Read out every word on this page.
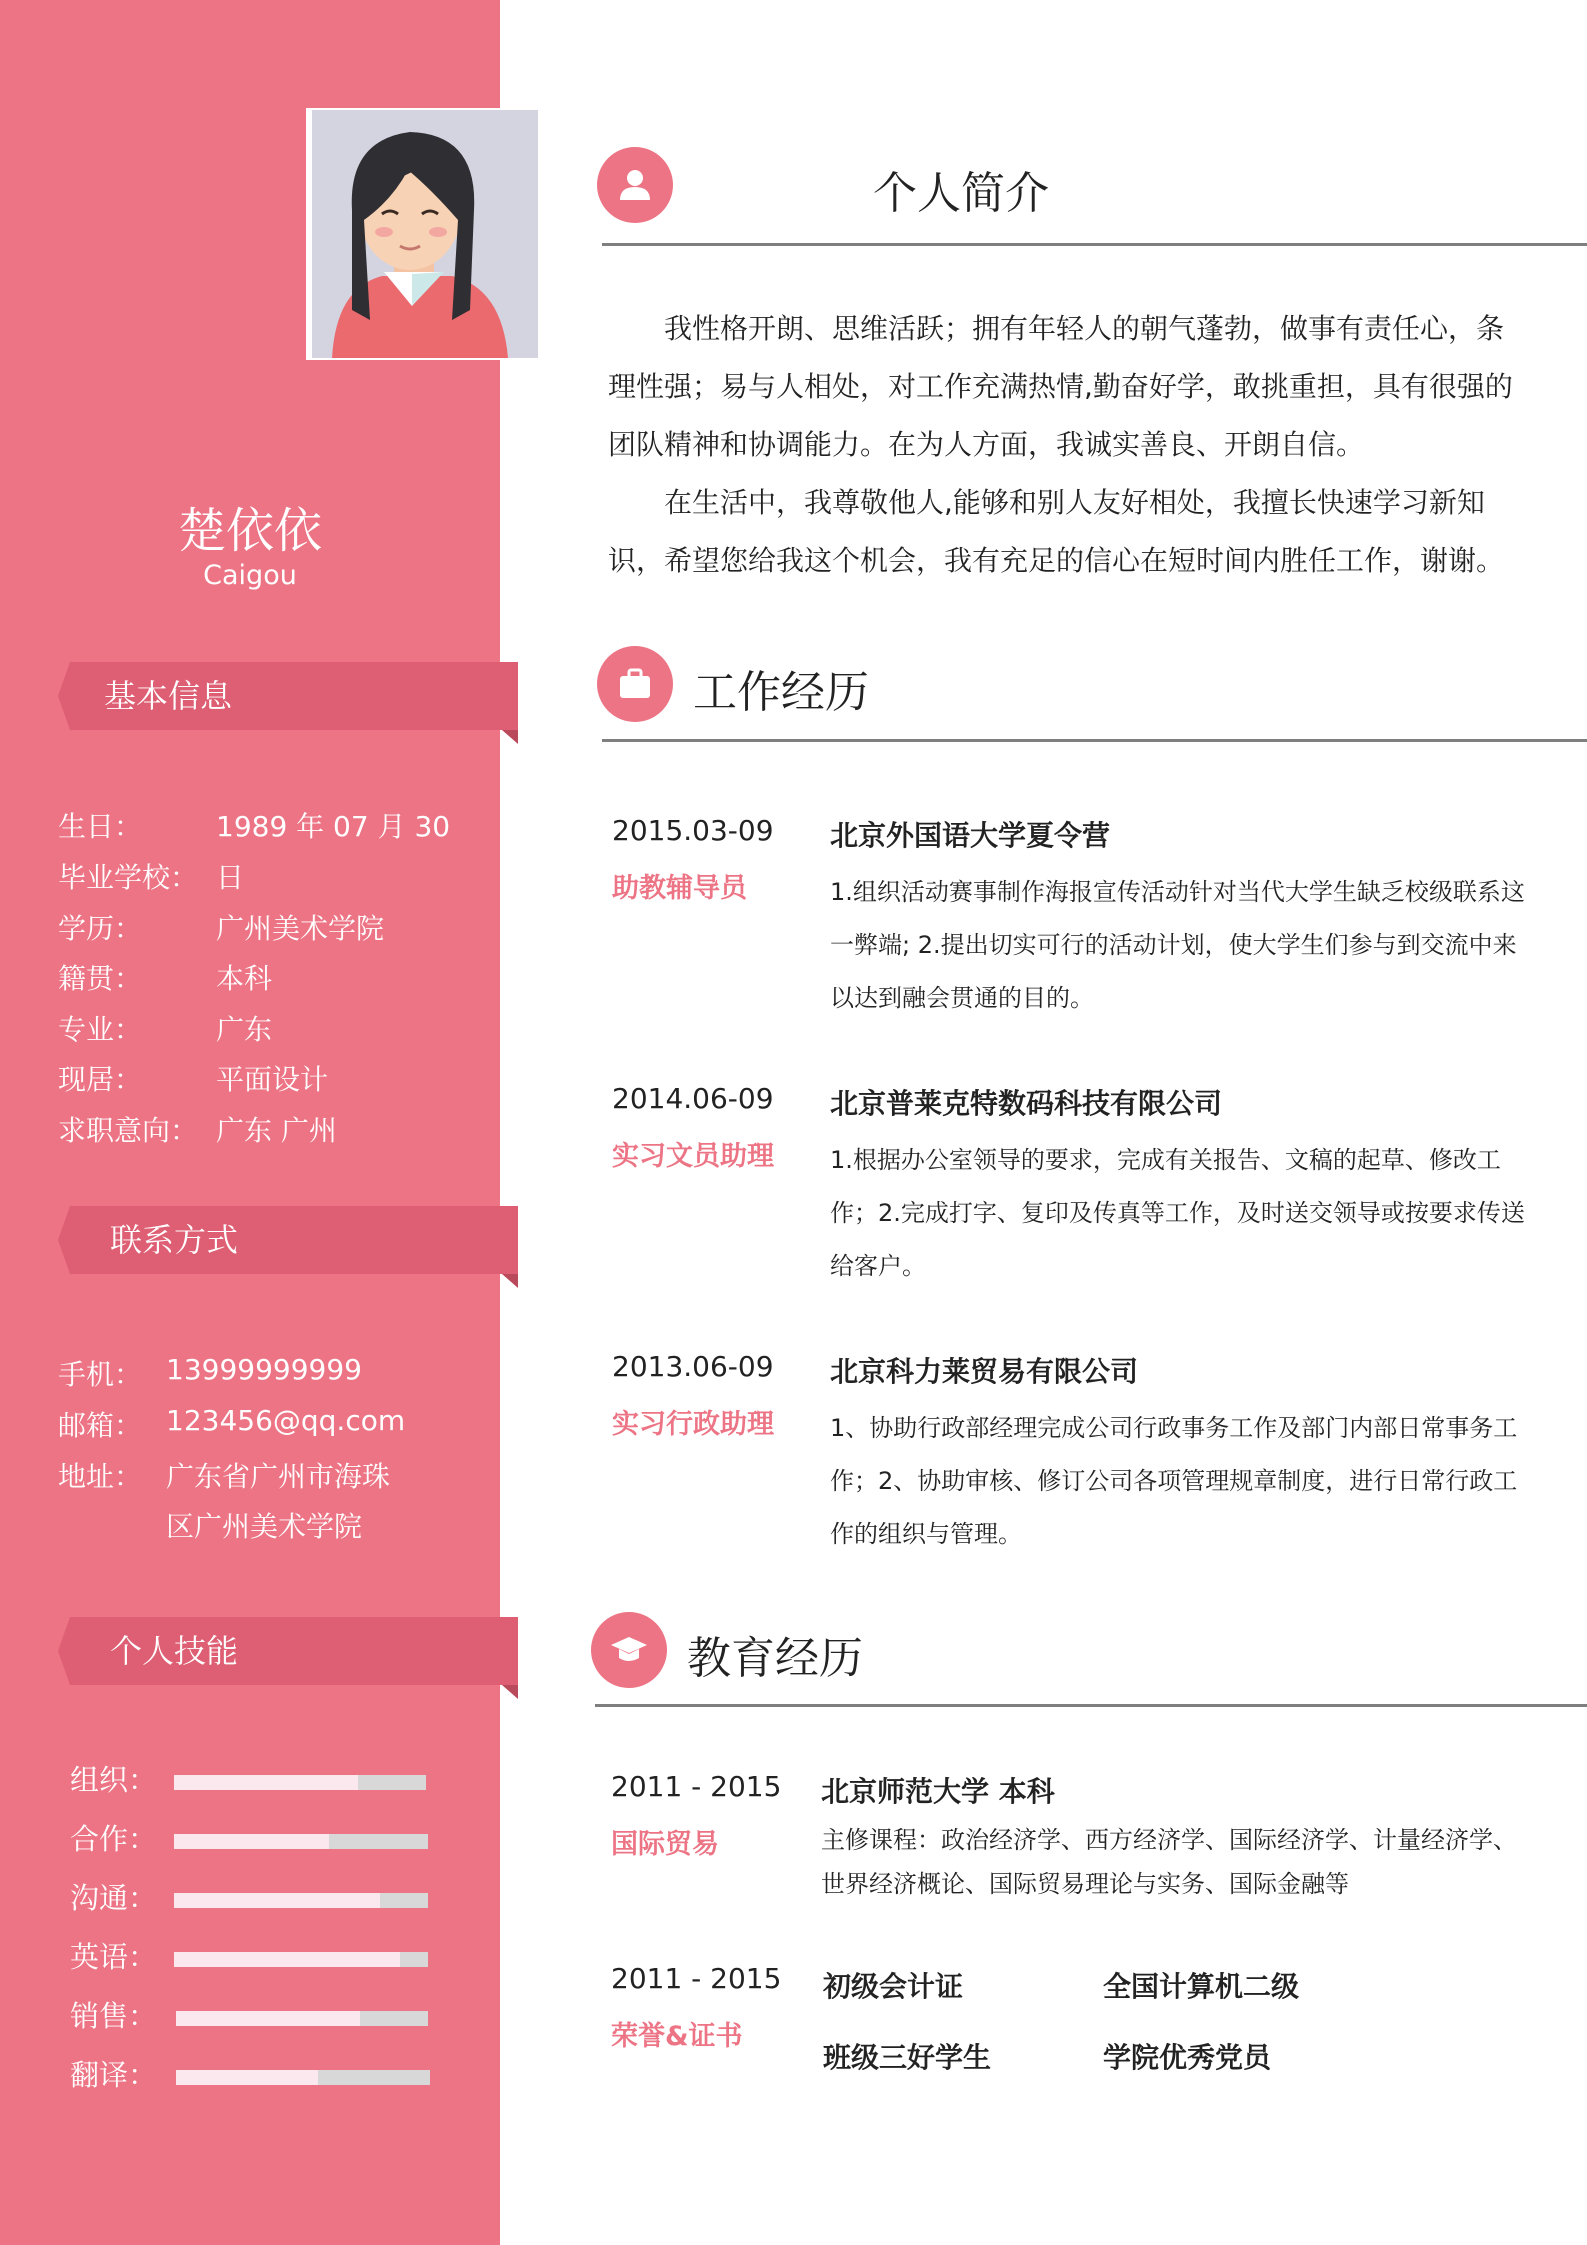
楚依依
Caigou
基本信息
生日：	1989 年 07 月 30
毕业学校： 日
学历：	广州美术学院
籍贯：	本科
专业：	广东
现居：	平面设计
求职意向： 广东 广州
联系方式
手机： 13999999999
邮箱： 123456@qq.com
地址： 广东省广州市海珠
区广州美术学院
个人技能
组织：
合作：
沟通：
英语：
销售：
翻译：
个人简介

我性格开朗、思维活跃；拥有年轻人的朝气蓬勃，做事有责任心，条理性强；易与人相处，对工作充满热情,勤奋好学，敢挑重担，具有很强的团队精神和协调能力。在为人方面，我诚实善良、开朗自信。

在生活中，我尊敬他人,能够和别人友好相处，我擅长快速学习新知识，希望您给我这个机会，我有充足的信心在短时间内胜任工作，谢谢。

工作经历
2015.03-09
助教辅导员
北京外国语大学夏令营
1.组织活动赛事制作海报宣传活动针对当代大学生缺乏校级联系这一弊端; 2.提出切实可行的活动计划，使大学生们参与到交流中来以达到融会贯通的目的。
2014.06-09
实习文员助理
北京普莱克特数码科技有限公司
1.根据办公室领导的要求，完成有关报告、文稿的起草、修改工作；2.完成打字、复印及传真等工作，及时送交领导或按要求传送给客户。
2013.06-09
实习行政助理
北京科力莱贸易有限公司
1、协助行政部经理完成公司行政事务工作及部门内部日常事务工作；2、协助审核、修订公司各项管理规章制度，进行日常行政工作的组织与管理。
教育经历
2011 - 2015
国际贸易
北京师范大学 本科
主修课程：政治经济学、西方经济学、国际经济学、计量经济学、世界经济概论、国际贸易理论与实务、国际金融等
2011 - 2015
荣誉&证书
初级会计证	全国计算机二级
班级三好学生	学院优秀党员
